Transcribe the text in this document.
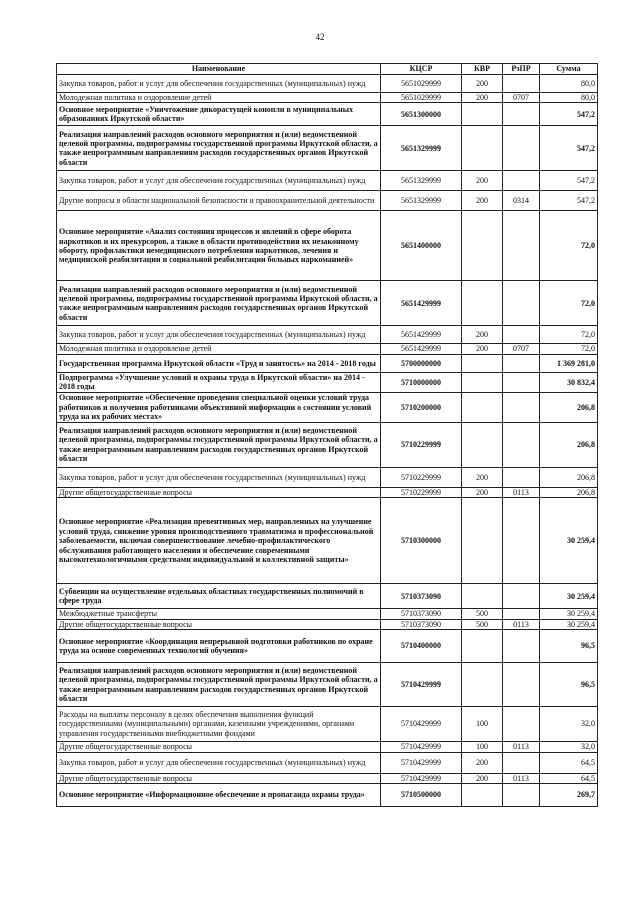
42
Наименование	КЦСР	КВР	РзПР	Сумма
Закупка товаров, работ и услуг для обеспечения государственных (муниципальных) нужд	5651029999	200		80,0
Молодежная политика и оздоровление детей	5651029999	200	0707	80,0
Основное мероприятие «Уничтожение дикорастущей конопли в муниципальных образованиях Иркутской области»	5651300000			547,2
Реализация направлений расходов основного мероприятия и (или) ведомственной целевой программы, подпрограммы государственной программы Иркутской области, а также непрограммным направлениям расходов государственных органов Иркутской области	5651329999			547,2
Закупка товаров, работ и услуг для обеспечения государственных (муниципальных) нужд	5651329999	200		547,2
Другие вопросы в области национальной безопасности и правоохранительной деятельности	5651329999	200	0314	547,2
Основное мероприятие «Анализ состояния процессов и явлений в сфере оборота наркотиков и их прекурсоров, а также в области противодействия их незаконному обороту, профилактики немедицинского потребления наркотиков, лечения и медицинской реабилитации и социальной реабилитации больных наркоманией»	5651400000			72,0
Реализация направлений расходов основного мероприятия и (или) ведомственной целевой программы, подпрограммы государственной программы Иркутской области, а также непрограммным направлениям расходов государственных органов Иркутской области	5651429999			72,0
Закупка товаров, работ и услуг для обеспечения государственных (муниципальных) нужд	5651429999	200		72,0
Молодежная политика и оздоровление детей	5651429999	200	0707	72,0
Государственная программа Иркутской области «Труд и занятость» на 2014 - 2018 годы	5700000000			1 369 281,0
Подпрограмма «Улучшение условий и охраны труда в Иркутской области» на 2014 - 2018 годы	5710000000			30 832,4
Основное мероприятие «Обеспечение проведения специальной оценки условий труда работников и получения работниками объективной информации о состоянии условий труда на их рабочих местах»	5710200000			206,8
Реализация направлений расходов основного мероприятия и (или) ведомственной целевой программы, подпрограммы государственной программы Иркутской области, а также непрограммным направлениям расходов государственных органов Иркутской области	5710229999			206,8
Закупка товаров, работ и услуг для обеспечения государственных (муниципальных) нужд	5710229999	200		206,8
Другие общегосударственные вопросы	5710229999	200	0113	206,8
Основное мероприятие «Реализация превентивных мер, направленных на улучшение условий труда, снижение уровня производственного травматизма и профессиональной заболеваемости, включая совершенствование лечебно-профилактического обслуживания работающего населения и обеспечение современными высокотехнологичными средствами индивидуальной и коллективной защиты»	5710300000			30 259,4
Субвенции на осуществление отдельных областных государственных полномочий в сфере труда	5710373090			30 259,4
Межбюджетные трансферты	5710373090	500		30 259,4
Другие общегосударственные вопросы	5710373090	500	0113	30 259,4
Основное мероприятие «Координация непрерывной подготовки работников по охране труда на основе современных технологий обучения»	5710400000			96,5
Реализация направлений расходов основного мероприятия и (или) ведомственной целевой программы, подпрограммы государственной программы Иркутской области, а также непрограммным направлениям расходов государственных органов Иркутской области	5710429999			96,5
Расходы на выплаты персоналу в целях обеспечения выполнения функций государственными (муниципальными) органами, казенными учреждениями, органами управления государственными внебюджетными фондами	5710429999	100		32,0
Другие общегосударственные вопросы	5710429999	100	0113	32,0
Закупка товаров, работ и услуг для обеспечения государственных (муниципальных) нужд	5710429999	200		64,5
Другие общегосударственные вопросы	5710429999	200	0113	64,5
Основное мероприятие «Информационное обеспечение и пропаганда охраны труда»	5710500000			269,7
